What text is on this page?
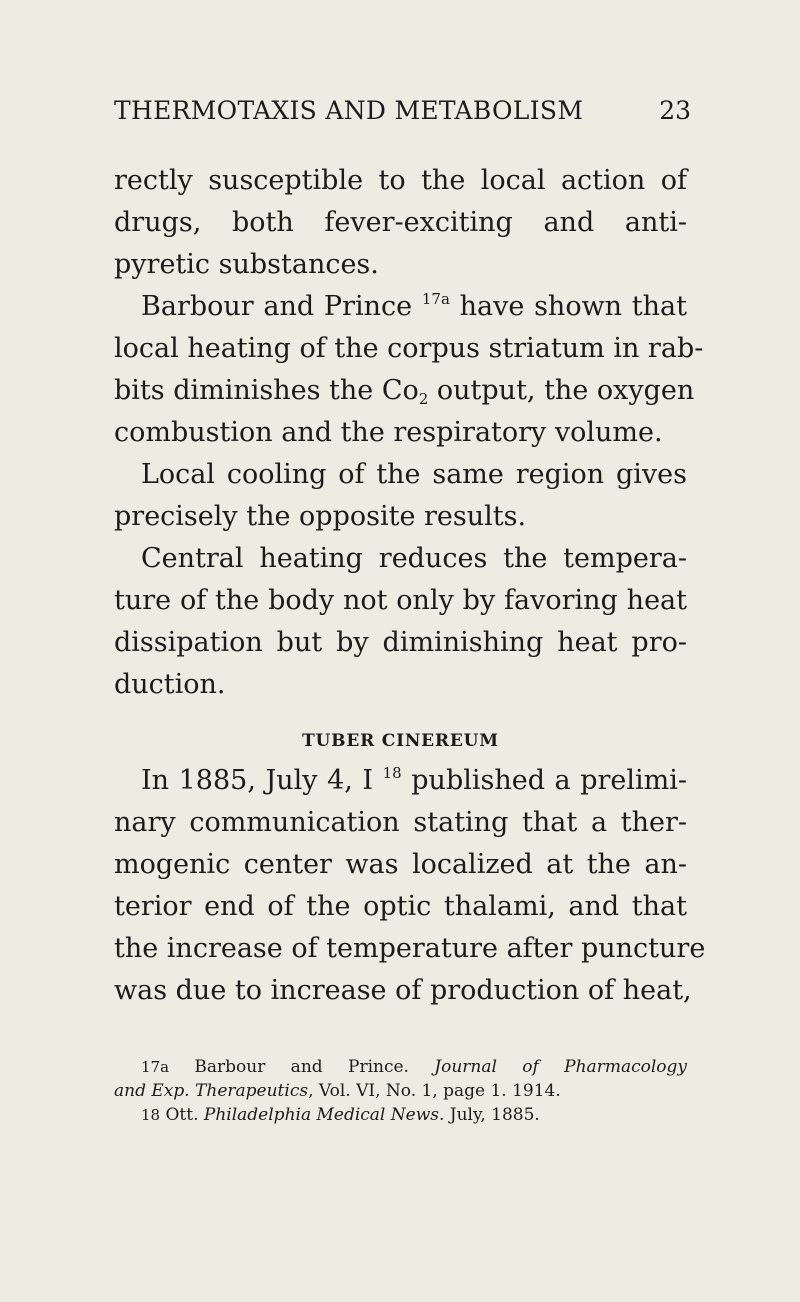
THERMOTAXIS AND METABOLISM	23
rectly susceptible to the local action of
drugs, both fever-exciting and anti-
pyretic substances.
Barbour and Prince $^{17a}$ have shown that
local heating of the corpus striatum in rab-
bits diminishes the $Co_2$ output, the oxygen
combustion and the respiratory volume.
Local cooling of the same region gives
precisely the opposite results.
Central heating reduces the tempera-
ture of the body not only by favoring heat
dissipation but by diminishing heat pro-
duction.
TUBER CINEREUM
In 1885, July 4, I $^{18}$ published a prelimi-
nary communication stating that a ther-
mogenic center was localized at the an-
terior end of the optic thalami, and that
the increase of temperature after puncture
was due to increase of production of heat,
17a Barbour and Prince. Journal of Pharmacology
and Exp. Therapeutics, Vol. VI, No. 1, page 1. 1914.
18 Ott. Philadelphia Medical News. July, 1885.
